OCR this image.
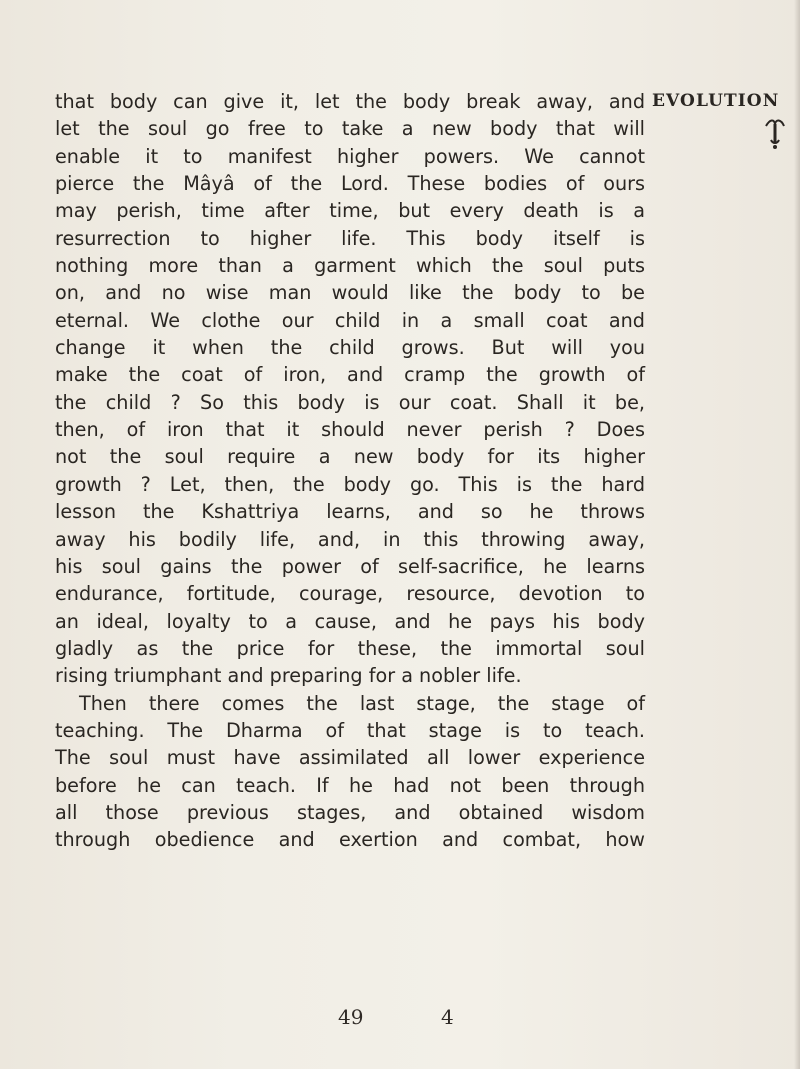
EVOLUTION
that body can give it, let the body break away, and
let the soul go free to take a new body that will
enable it to manifest higher powers. We cannot
pierce the Mâyâ of the Lord. These bodies of ours
may perish, time after time, but every death is a
resurrection to higher life. This body itself is
nothing more than a garment which the soul puts
on, and no wise man would like the body to be
eternal. We clothe our child in a small coat and
change it when the child grows. But will you
make the coat of iron, and cramp the growth of
the child ? So this body is our coat. Shall it be,
then, of iron that it should never perish ? Does
not the soul require a new body for its higher
growth ? Let, then, the body go. This is the hard
lesson the Kshattriya learns, and so he throws
away his bodily life, and, in this throwing away,
his soul gains the power of self-sacrifice, he learns
endurance, fortitude, courage, resource, devotion to
an ideal, loyalty to a cause, and he pays his body
gladly as the price for these, the immortal soul
rising triumphant and preparing for a nobler life.
Then there comes the last stage, the stage of
teaching. The Dharma of that stage is to teach.
The soul must have assimilated all lower experience
before he can teach. If he had not been through
all those previous stages, and obtained wisdom
through obedience and exertion and combat, how
49	4
